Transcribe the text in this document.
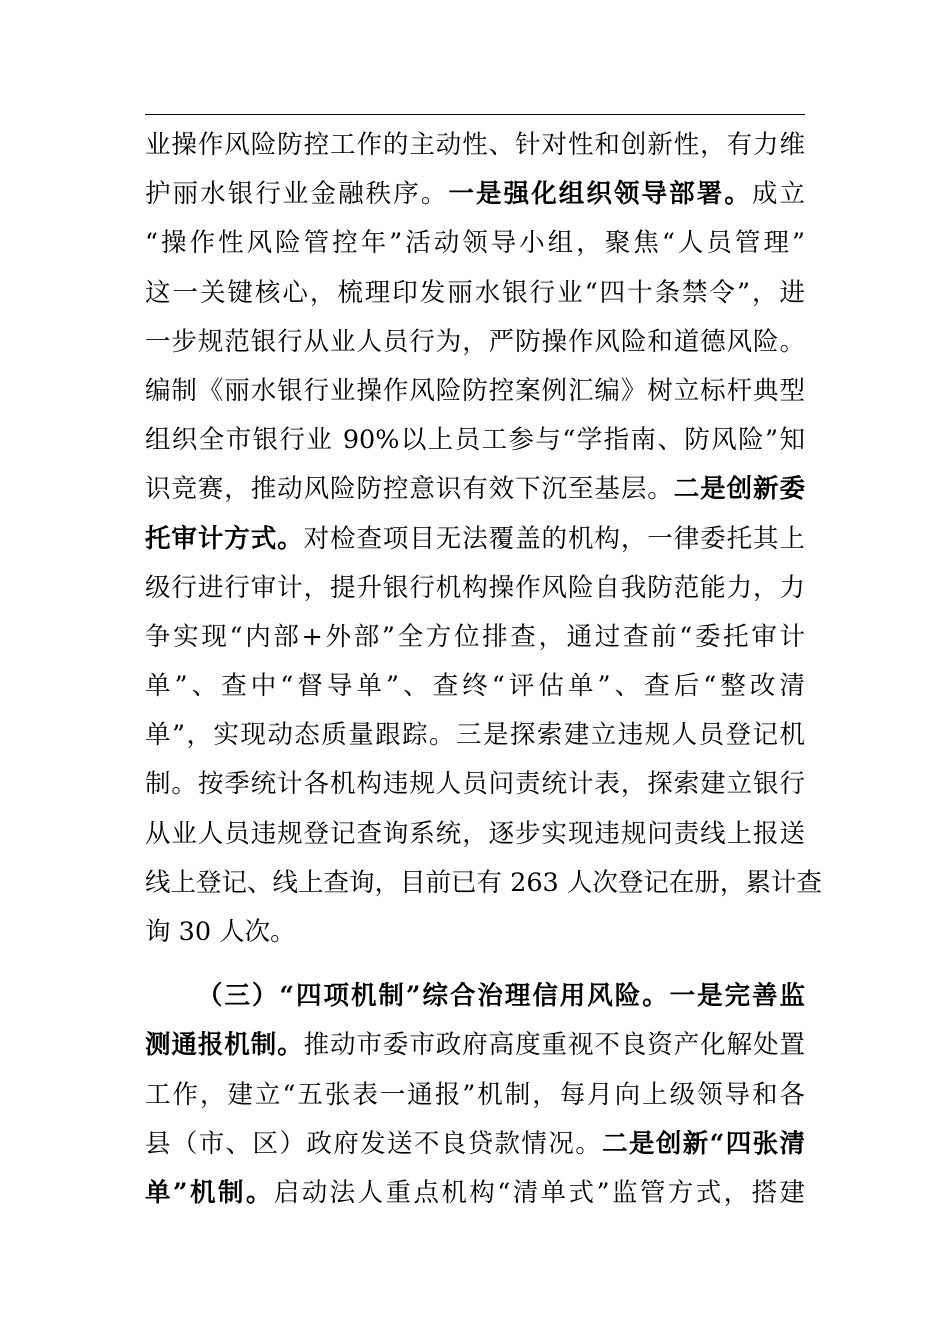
业操作风险防控工作的主动性、针对性和创新性，有力维
护丽水银行业金融秩序。一是强化组织领导部署。成立
“操作性风险管控年”活动领导小组，聚焦“人员管理”
这一关键核心，梳理印发丽水银行业“四十条禁令”，进
一步规范银行从业人员行为，严防操作风险和道德风险。
编制《丽水银行业操作风险防控案例汇编》树立标杆典型
组织全市银行业 90%以上员工参与“学指南、防风险”知
识竞赛，推动风险防控意识有效下沉至基层。二是创新委
托审计方式。对检查项目无法覆盖的机构，一律委托其上
级行进行审计，提升银行机构操作风险自我防范能力，力
争实现“内部+外部”全方位排查，通过查前“委托审计
单”、查中“督导单”、查终“评估单”、查后“整改清
单”，实现动态质量跟踪。三是探索建立违规人员登记机
制。按季统计各机构违规人员问责统计表，探索建立银行
从业人员违规登记查询系统，逐步实现违规问责线上报送
线上登记、线上查询，目前已有 263 人次登记在册，累计查
询 30 人次。
（三）“四项机制”综合治理信用风险。一是完善监
测通报机制。推动市委市政府高度重视不良资产化解处置
工作，建立“五张表一通报”机制，每月向上级领导和各
县（市、区）政府发送不良贷款情况。二是创新“四张清
单”机制。启动法人重点机构“清单式”监管方式，搭建
